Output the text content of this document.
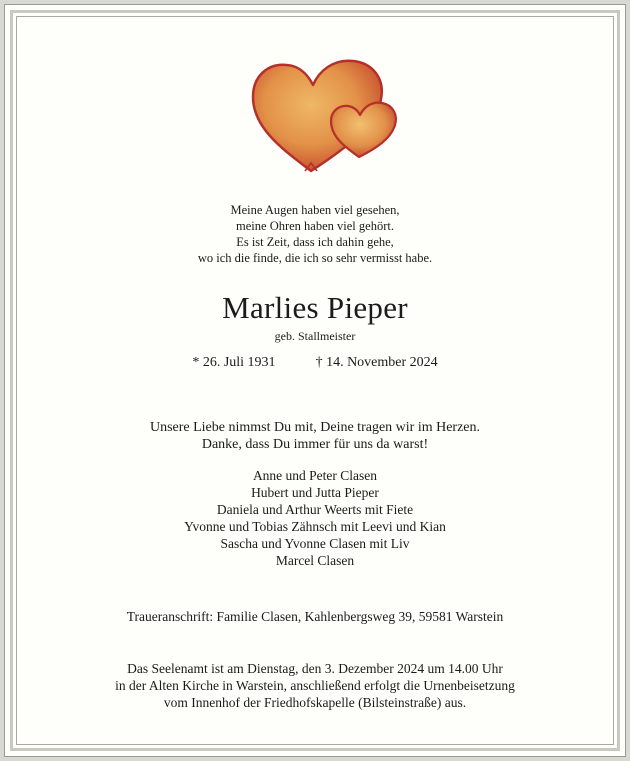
Meine Augen haben viel gesehen,
meine Ohren haben viel gehört.
Es ist Zeit, dass ich dahin gehe,
wo ich die finde, die ich so sehr vermisst habe.
Marlies Pieper
geb. Stallmeister
* 26. Juli 1931	† 14. November 2024
Unsere Liebe nimmst Du mit, Deine tragen wir im Herzen.
Danke, dass Du immer für uns da warst!
Anne und Peter Clasen
Hubert und Jutta Pieper
Daniela und Arthur Weerts mit Fiete
Yvonne und Tobias Zähnsch mit Leevi und Kian
Sascha und Yvonne Clasen mit Liv
Marcel Clasen
Traueranschrift: Familie Clasen, Kahlenbergsweg 39, 59581 Warstein
Das Seelenamt ist am Dienstag, den 3. Dezember 2024 um 14.00 Uhr
in der Alten Kirche in Warstein, anschließend erfolgt die Urnenbeisetzung
vom Innenhof der Friedhofskapelle (Bilsteinstraße) aus.
